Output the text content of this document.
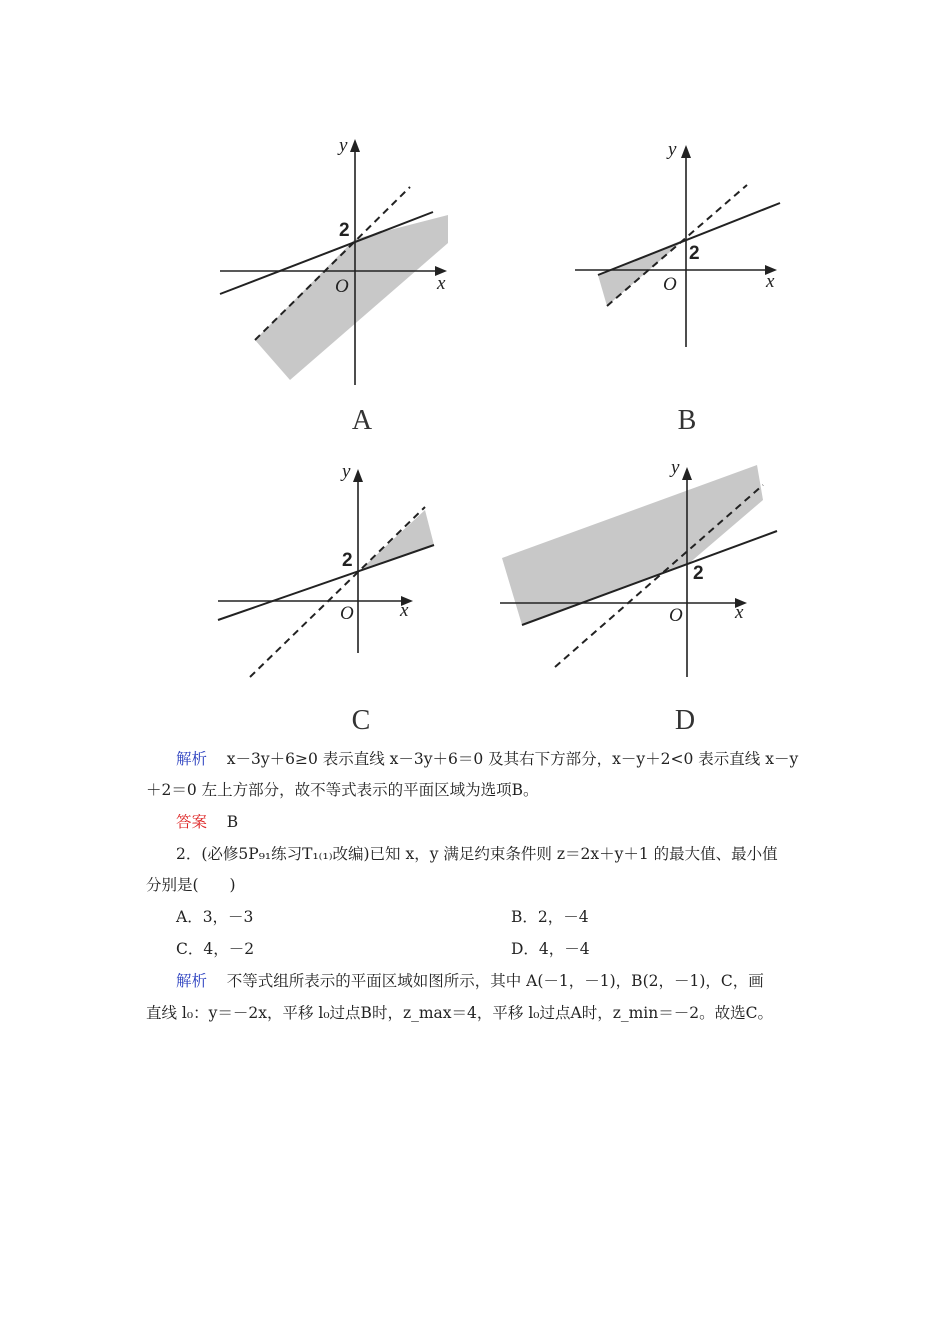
y
x
O
2
A
y
x
O
2
B
y
x
O
2
C
y
x
O
2
D
解析 x－3y＋6≥0 表示直线 x－3y＋6＝0 及其右下方部分，x－y＋2<0 表示直线 x－y
＋2＝0 左上方部分，故不等式表示的平面区域为选项B。
答案 B
2．(必修5P₉₁练习T₁₍₁₎改编)已知 x，y 满足约束条件则 z＝2x＋y＋1 的最大值、最小值
分别是(　　)
A．3，－3	B．2，－4
C．4，－2	D．4，－4
解析 不等式组所表示的平面区域如图所示，其中 A(－1，－1)，B(2，－1)，C，画
直线 l₀：y＝－2x，平移 l₀过点B时，z_max＝4，平移 l₀过点A时，z_min＝－2。故选C。
